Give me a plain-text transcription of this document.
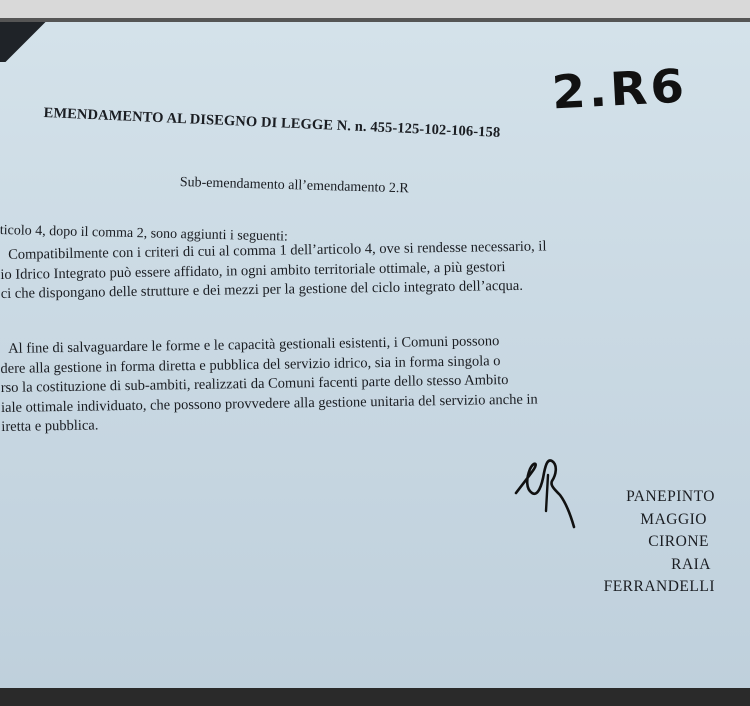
2.R6
EMENDAMENTO AL DISEGNO DI LEGGE N. n. 455-125-102-106-158
Sub-emendamento all’emendamento 2.R
ticolo 4, dopo il comma 2, sono aggiunti i seguenti:
Compatibilmente con i criteri di cui al comma 1 dell’articolo 4, ove si rendesse necessario, il
io Idrico Integrato può essere affidato, in ogni ambito territoriale ottimale, a più gestori
ci che dispongano delle strutture e dei mezzi per la gestione del ciclo integrato dell’acqua.
Al fine di salvaguardare le forme e le capacità gestionali esistenti, i Comuni possono
dere alla gestione in forma diretta e pubblica del servizio idrico, sia in forma singola o
rso la costituzione di sub-ambiti, realizzati da Comuni facenti parte dello stesso Ambito
iale ottimale individuato, che possono provvedere alla gestione unitaria del servizio anche in
iretta e pubblica.
PANEPINTO
MAGGIO
CIRONE
RAIA
FERRANDELLI
